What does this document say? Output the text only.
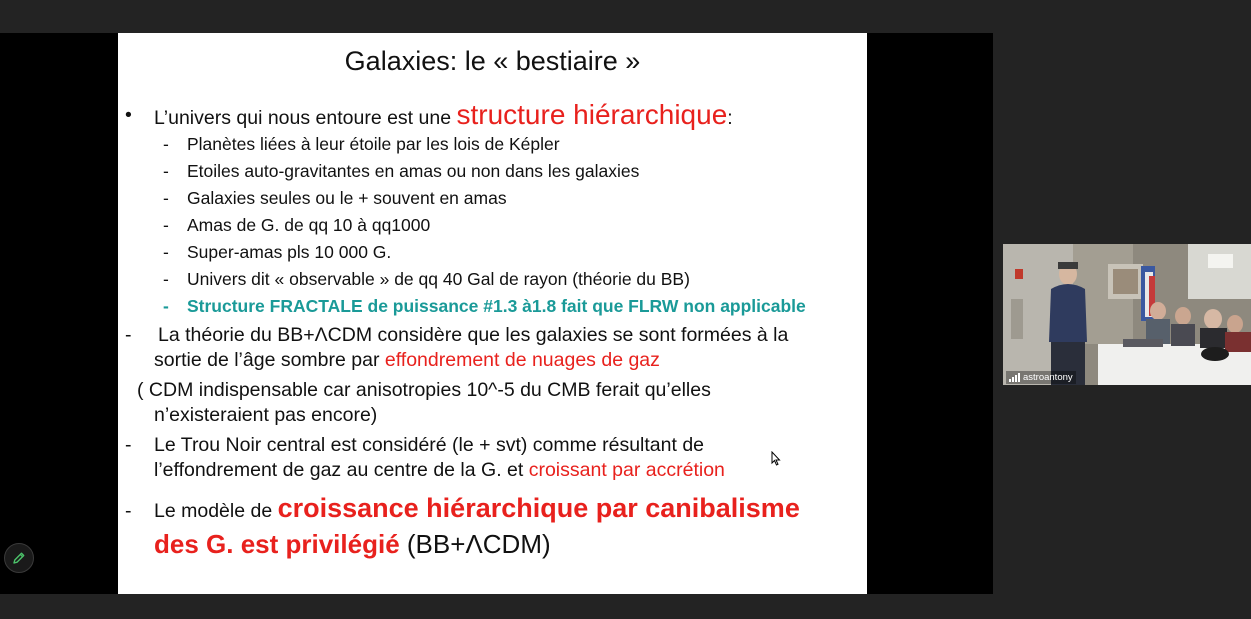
Galaxies: le « bestiaire »
• L’univers qui nous entoure est une structure hiérarchique:
- Planètes liées à leur étoile par les lois de Képler
- Etoiles auto-gravitantes en amas ou non dans les galaxies
- Galaxies seules ou le + souvent en amas
- Amas de G. de qq 10 à qq1000
- Super-amas pls 10 000 G.
- Univers dit « observable » de qq 40 Gal de rayon (théorie du BB)
- Structure FRACTALE de puissance #1.3 à1.8 fait que FLRW non applicable
- La théorie du BB+ΛCDM considère que les galaxies se sont formées à la
sortie de l’âge sombre par effondrement de nuages de gaz
( CDM indispensable car anisotropies 10^-5 du CMB ferait qu’elles
n’existeraient pas encore)
- Le Trou Noir central est considéré (le + svt) comme résultant de
l’effondrement de gaz au centre de la G. et croissant par accrétion
- Le modèle de croissance hiérarchique par canibalisme
des G. est privilégié (BB+ΛCDM)
astroantony
